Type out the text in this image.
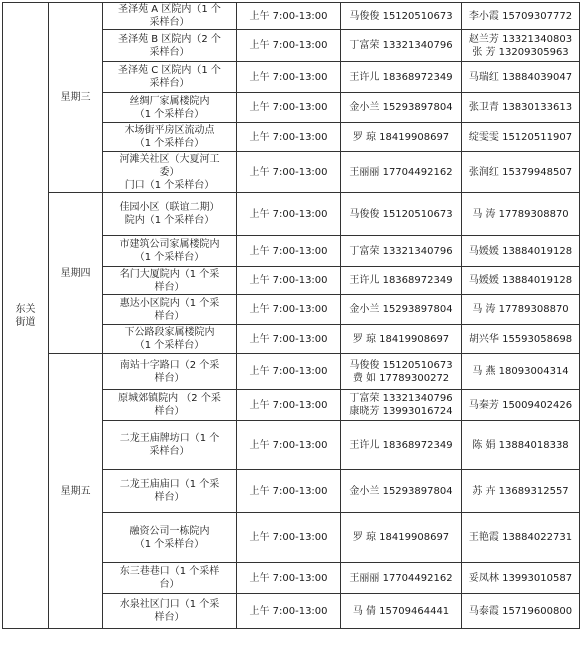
东关
街道	星期三	圣泽苑 A 区院内（1 个
采样台）	上午 7:00-13:00	马俊俊 15120510673	李小霞 15709307772

		圣泽苑 B 区院内（2 个
采样台）	上午 7:00-13:00	丁富荣 13321340796	赵兰芳 13321340803
张 芳 13209305963

		圣泽苑 C 区院内（1 个
采样台）	上午 7:00-13:00	王许儿 18368972349	马瑞红 13884039047

		丝绸厂家属楼院内
（1 个采样台）	上午 7:00-13:00	金小兰 15293897804	张卫青 13830133613

		木场街平房区流动点
（1 个采样台）	上午 7:00-13:00	罗 琼 18419908697	绽雯雯 15120511907

		河滩关社区（大夏河工
委）
门口（1 个采样台）	上午 7:00-13:00	王丽丽 17704492162	张润红 15379948507

	星期四	佳园小区（联谊二期）
院内（1 个采样台）	上午 7:00-13:00	马俊俊 15120510673	马 涛 17789308870

		市建筑公司家属楼院内
（1 个采样台）	上午 7:00-13:00	丁富荣 13321340796	马媛媛 13884019128

		名门大厦院内（1 个采
样台）	上午 7:00-13:00	王许儿 18368972349	马媛媛 13884019128

		惠达小区院内（1 个采
样台）	上午 7:00-13:00	金小兰 15293897804	马 涛 17789308870

		下公路段家属楼院内
（1 个采样台）	上午 7:00-13:00	罗 琼 18419908697	胡兴华 15593058698

	星期五	南站十字路口（2 个采
样台）	上午 7:00-13:00	马俊俊 15120510673
费 如 17789300272	马 燕 18093004314

		原城郊镇院内 （2 个采
样台）	上午 7:00-13:00	丁富荣 13321340796
康晓芳 13993016724	马秦芳 15009402426

		二龙王庙牌坊口（1 个
采样台）	上午 7:00-13:00	王许儿 18368972349	陈 娟 13884018338

		二龙王庙庙口（1 个采
样台）	上午 7:00-13:00	金小兰 15293897804	苏 卉 13689312557

		融资公司一栋院内
（1 个采样台）	上午 7:00-13:00	罗 琼 18419908697	王艳霞 13884022731

		东三巷巷口（1 个采样
台）	上午 7:00-13:00	王丽丽 17704492162	妥凤林 13993010587

		水泉社区门口（1 个采
样台）	上午 7:00-13:00	马 倩 15709464441	马泰霞 15719600800
